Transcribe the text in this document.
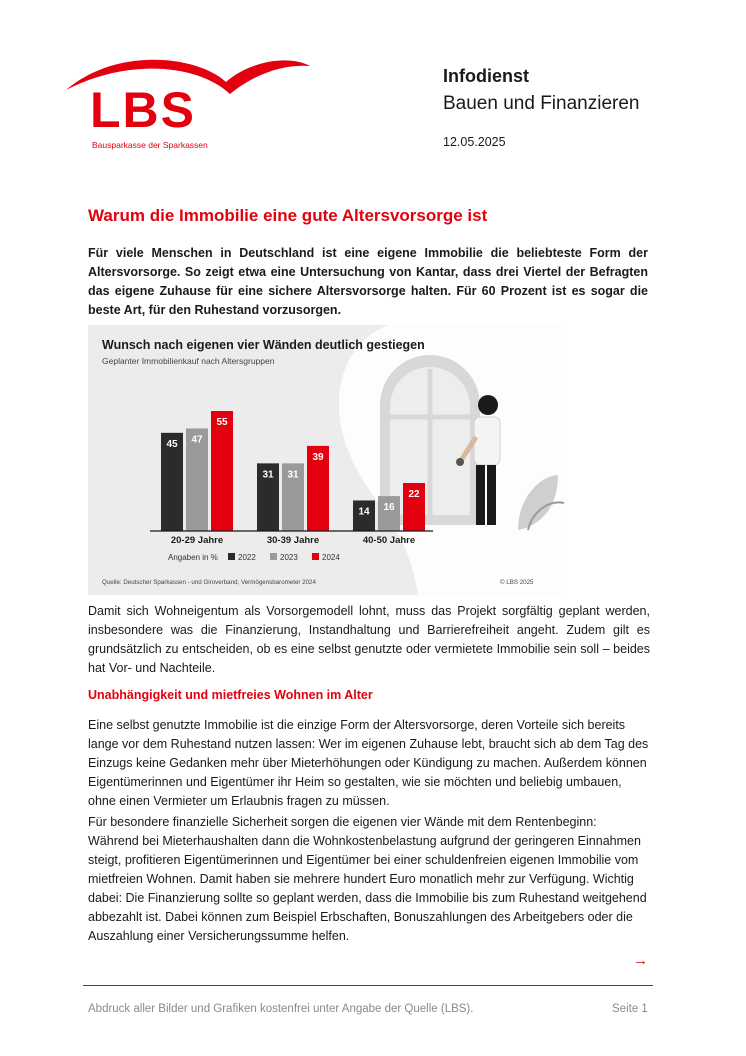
LBS
Bausparkasse der Sparkassen
Infodienst
Bauen und Finanzieren
12.05.2025
Warum die Immobilie eine gute Altersvorsorge ist
Für viele Menschen in Deutschland ist eine eigene Immobilie die beliebteste Form der Altersvorsorge. So zeigt etwa eine Untersuchung von Kantar, dass drei Viertel der Befragten das eigene Zuhause für eine sichere Altersvorsorge halten. Für 60 Prozent ist es sogar die beste Art, für den Ruhestand vorzusorgen.
Wunsch nach eigenen vier Wänden deutlich gestiegen
Geplanter Immobilienkauf nach Altersgruppen
45 47
55
20-29 Jahre
31 31
39
30-39 Jahre
14 16
22
40-50 Jahre
Angaben in %	2022	2023	2024
Quelle: Deutscher Sparkassen - und Giroverband, Vermögensbarometer 2024	© LBS 2025
Damit sich Wohneigentum als Vorsorgemodell lohnt, muss das Projekt sorgfältig geplant werden, insbesondere was die Finanzierung, Instandhaltung und Barrierefreiheit angeht. Zudem gilt es grundsätzlich zu entscheiden, ob es eine selbst genutzte oder vermietete Immobilie sein soll – beides hat Vor- und Nachteile.
Unabhängigkeit und mietfreies Wohnen im Alter
Eine selbst genutzte Immobilie ist die einzige Form der Altersvorsorge, deren Vorteile sich bereits lange vor dem Ruhestand nutzen lassen: Wer im eigenen Zuhause lebt, braucht sich ab dem Tag des Einzugs keine Gedanken mehr über Mieterhöhungen oder Kündigung zu machen. Außerdem können Eigentümerinnen und Eigentümer ihr Heim so gestalten, wie sie möchten und beliebig umbauen, ohne einen Vermieter um Erlaubnis fragen zu müssen.
Für besondere finanzielle Sicherheit sorgen die eigenen vier Wände mit dem Rentenbeginn: Während bei Mieterhaushalten dann die Wohnkostenbelastung aufgrund der geringeren Einnahmen steigt, profitieren Eigentümerinnen und Eigentümer bei einer schuldenfreien eigenen Immobilie vom mietfreien Wohnen. Damit haben sie mehrere hundert Euro monatlich mehr zur Verfügung. Wichtig dabei: Die Finanzierung sollte so geplant werden, dass die Immobilie bis zum Ruhestand weitgehend abbezahlt ist. Dabei können zum Beispiel Erbschaften, Bonuszahlungen des Arbeitgebers oder die Auszahlung einer Versicherungssumme helfen.
→
Abdruck aller Bilder und Grafiken kostenfrei unter Angabe der Quelle (LBS).	Seite 1
